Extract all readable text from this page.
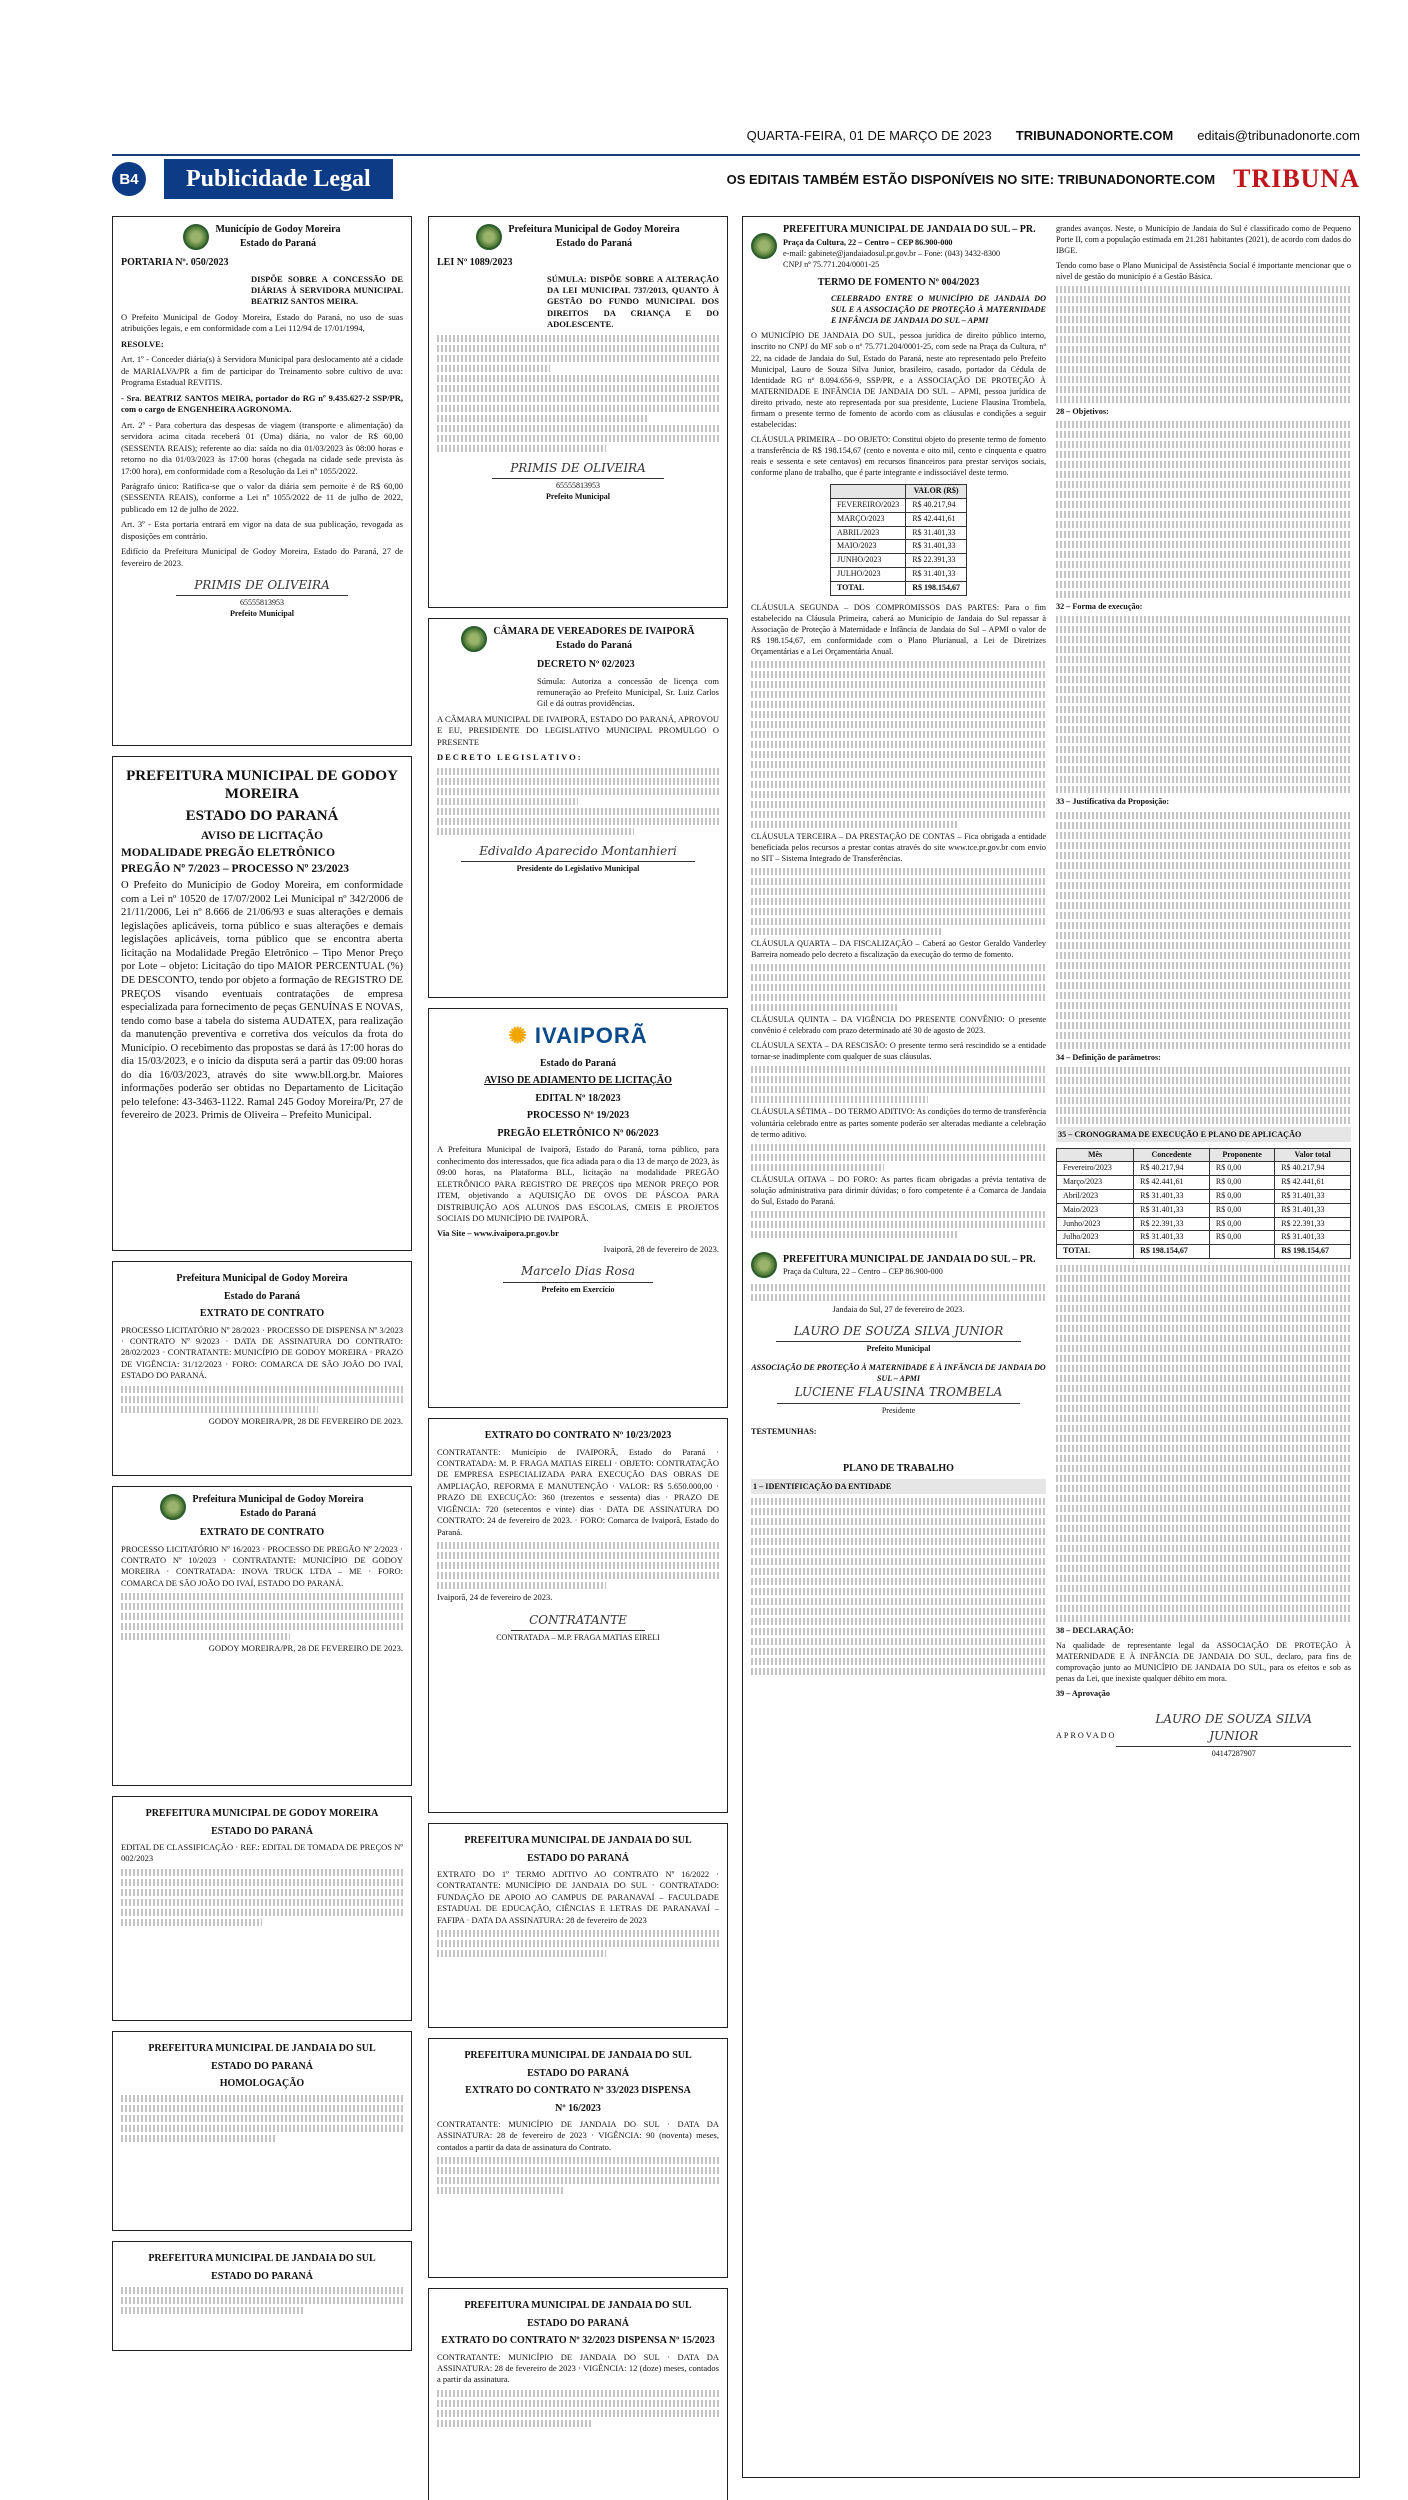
QUARTA-FEIRA, 01 DE MARÇO DE 2023 TRIBUNADONORTE.COM editais@tribunadonorte.com
B4	Publicidade Legal	OS EDITAIS TAMBÉM ESTÃO DISPONÍVEIS NO SITE: TRIBUNADONORTE.COM TRIBUNA
Município de Godoy Moreira
Estado do Paraná
PORTARIA Nº. 050/2023

DISPÕE SOBRE A CONCESSÃO DE DIÁRIAS À SERVIDORA MUNICIPAL BEATRIZ SANTOS MEIRA.

O Prefeito Municipal de Godoy Moreira, Estado do Paraná, no uso de suas atribuições legais, e em conformidade com a Lei 112/94 de 17/01/1994,

RESOLVE:

Art. 1º - Conceder diária(s) à Servidora Municipal para deslocamento até a cidade de MARIALVA/PR a fim de participar do Treinamento sobre cultivo de uva: Programa Estadual REVITIS.

- Sra. BEATRIZ SANTOS MEIRA, portador do RG nº 9.435.627-2 SSP/PR, com o cargo de ENGENHEIRA AGRONOMA.

Art. 2º - Para cobertura das despesas de viagem (transporte e alimentação) da servidora acima citada receberá 01 (Uma) diária, no valor de R$ 60,00 (SESSENTA REAIS); referente ao dia: saída no dia 01/03/2023 às 08:00 horas e retorno no dia 01/03/2023 às 17:00 horas (chegada na cidade sede prevista às 17:00 hora), em conformidade com a Resolução da Lei nº 1055/2022.

Parágrafo único: Ratifica-se que o valor da diária sem pernoite é de R$ 60,00 (SESSENTA REAIS), conforme a Lei nº 1055/2022 de 11 de julho de 2022, publicado em 12 de julho de 2022.

Art. 3º - Esta portaria entrará em vigor na data de sua publicação, revogada as disposições em contrário.

Edifício da Prefeitura Municipal de Godoy Moreira, Estado do Paraná, 27 de fevereiro de 2023.

PRIMIS DE OLIVEIRA
65555813953
Prefeito Municipal
PREFEITURA MUNICIPAL DE GODOY MOREIRA
ESTADO DO PARANÁ
AVISO DE LICITAÇÃO
MODALIDADE PREGÃO ELETRÔNICO
PREGÃO Nº 7/2023 – PROCESSO Nº 23/2023

O Prefeito do Município de Godoy Moreira, em conformidade com a Lei nº 10520 de 17/07/2002 Lei Municipal nº 342/2006 de 21/11/2006, Lei nº 8.666 de 21/06/93 e suas alterações e demais legislações aplicáveis, torna público e suas alterações e demais legislações aplicáveis, torna público que se encontra aberta licitação na Modalidade Pregão Eletrônico – Tipo Menor Preço por Lote – objeto: Licitação do tipo MAIOR PERCENTUAL (%) DE DESCONTO, tendo por objeto a formação de REGISTRO DE PREÇOS visando eventuais contratações de empresa especializada para fornecimento de peças GENUÍNAS E NOVAS, tendo como base a tabela do sistema AUDATEX, para realização da manutenção preventiva e corretiva dos veículos da frota do Município. O recebimento das propostas se dará às 17:00 horas do dia 15/03/2023, e o início da disputa será a partir das 09:00 horas do dia 16/03/2023, através do site www.bll.org.br. Maiores informações poderão ser obtidas no Departamento de Licitação pelo telefone: 43-3463-1122. Ramal 245 Godoy Moreira/Pr, 27 de fevereiro de 2023. Primis de Oliveira – Prefeito Municipal.

Prefeitura Municipal de Godoy Moreira
Estado do Paraná
EXTRATO DE CONTRATO

PROCESSO LICITATÓRIO Nº 28/2023 · PROCESSO DE DISPENSA Nº 3/2023 · CONTRATO Nº 9/2023 · DATA DE ASSINATURA DO CONTRATO: 28/02/2023 · CONTRATANTE: MUNICÍPIO DE GODOY MOREIRA · PRAZO DE VIGÊNCIA: 31/12/2023 · FORO: COMARCA DE SÃO JOÃO DO IVAÍ, ESTADO DO PARANÁ.

GODOY MOREIRA/PR, 28 DE FEVEREIRO DE 2023.

Prefeitura Municipal de Godoy Moreira
Estado do Paraná
EXTRATO DE CONTRATO

PROCESSO LICITATÓRIO Nº 16/2023 · PROCESSO DE PREGÃO Nº 2/2023 · CONTRATO Nº 10/2023 · CONTRATANTE: MUNICÍPIO DE GODOY MOREIRA · CONTRATADA: INOVA TRUCK LTDA – ME · FORO: COMARCA DE SÃO JOÃO DO IVAÍ, ESTADO DO PARANÁ.

GODOY MOREIRA/PR, 28 DE FEVEREIRO DE 2023.

PREFEITURA MUNICIPAL DE GODOY MOREIRA
ESTADO DO PARANÁ

EDITAL DE CLASSIFICAÇÃO · REF.: EDITAL DE TOMADA DE PREÇOS Nº 002/2023

PREFEITURA MUNICIPAL DE JANDAIA DO SUL
ESTADO DO PARANÁ
HOMOLOGAÇÃO
PREFEITURA MUNICIPAL DE JANDAIA DO SUL
ESTADO DO PARANÁ
Prefeitura Municipal de Godoy Moreira
Estado do Paraná
LEI Nº 1089/2023

SÚMULA: DISPÕE SOBRE A ALTERAÇÃO DA LEI MUNICIPAL 737/2013, QUANTO À GESTÃO DO FUNDO MUNICIPAL DOS DIREITOS DA CRIANÇA E DO ADOLESCENTE.

PRIMIS DE OLIVEIRA
65555813953
Prefeito Municipal
CÂMARA DE VEREADORES DE IVAIPORÃ
Estado do Paraná
DECRETO Nº 02/2023

Súmula: Autoriza a concessão de licença com remuneração ao Prefeito Municipal, Sr. Luiz Carlos Gil e dá outras providências.

A CÂMARA MUNICIPAL DE IVAIPORÃ, ESTADO DO PARANÁ, APROVOU E EU, PRESIDENTE DO LEGISLATIVO MUNICIPAL PROMULGO O PRESENTE

DECRETO LEGISLATIVO:

Edivaldo Aparecido Montanhieri
Presidente do Legislativo Municipal
✺ IVAIPORÃ
Estado do Paraná
AVISO DE ADIAMENTO DE LICITAÇÃO
EDITAL Nº 18/2023
PROCESSO Nº 19/2023
PREGÃO ELETRÔNICO Nº 06/2023

A Prefeitura Municipal de Ivaiporã, Estado do Paraná, torna público, para conhecimento dos interessados, que fica adiada para o dia 13 de março de 2023, às 09:00 horas, na Plataforma BLL, licitação na modalidade PREGÃO ELETRÔNICO PARA REGISTRO DE PREÇOS tipo MENOR PREÇO POR ITEM, objetivando a AQUISIÇÃO DE OVOS DE PÁSCOA PARA DISTRIBUIÇÃO AOS ALUNOS DAS ESCOLAS, CMEIS E PROJETOS SOCIAIS DO MUNICÍPIO DE IVAIPORÃ.

Via Site – www.ivaipora.pr.gov.br

Ivaiporã, 28 de fevereiro de 2023.

Marcelo Dias Rosa
Prefeito em Exercício
EXTRATO DO CONTRATO Nº 10/23/2023

CONTRATANTE: Município de IVAIPORÃ, Estado do Paraná · CONTRATADA: M. P. FRAGA MATIAS EIRELI · OBJETO: CONTRATAÇÃO DE EMPRESA ESPECIALIZADA PARA EXECUÇÃO DAS OBRAS DE AMPLIAÇÃO, REFORMA E MANUTENÇÃO · VALOR: R$ 5.650.000,00 · PRAZO DE EXECUÇÃO: 360 (trezentos e sessenta) dias · PRAZO DE VIGÊNCIA: 720 (setecentos e vinte) dias · DATA DE ASSINATURA DO CONTRATO: 24 de fevereiro de 2023. · FORO: Comarca de Ivaiporã, Estado do Paraná.

Ivaiporã, 24 de fevereiro de 2023.

CONTRATANTE
CONTRATADA – M.P. FRAGA MATIAS EIRELI
PREFEITURA MUNICIPAL DE JANDAIA DO SUL
ESTADO DO PARANÁ

EXTRATO DO 1º TERMO ADITIVO AO CONTRATO Nº 16/2022 · CONTRATANTE: MUNICÍPIO DE JANDAIA DO SUL · CONTRATADO: FUNDAÇÃO DE APOIO AO CAMPUS DE PARANAVAÍ – FACULDADE ESTADUAL DE EDUCAÇÃO, CIÊNCIAS E LETRAS DE PARANAVAÍ – FAFIPA · DATA DA ASSINATURA: 28 de fevereiro de 2023

PREFEITURA MUNICIPAL DE JANDAIA DO SUL
ESTADO DO PARANÁ
EXTRATO DO CONTRATO Nº 33/2023 DISPENSA
Nº 16/2023

CONTRATANTE: MUNICÍPIO DE JANDAIA DO SUL · DATA DA ASSINATURA: 28 de fevereiro de 2023 · VIGÊNCIA: 90 (noventa) meses, contados a partir da data de assinatura do Contrato.

PREFEITURA MUNICIPAL DE JANDAIA DO SUL
ESTADO DO PARANÁ
EXTRATO DO CONTRATO Nº 32/2023 DISPENSA Nº 15/2023

CONTRATANTE: MUNICÍPIO DE JANDAIA DO SUL · DATA DA ASSINATURA: 28 de fevereiro de 2023 · VIGÊNCIA: 12 (doze) meses, contados a partir da assinatura.

PREFEITURA MUNICIPAL DE JANDAIA DO SUL – PR.
Praça da Cultura, 22 – Centro – CEP 86.900-000
e-mail: gabinete@jandaiadosul.pr.gov.br – Fone: (043) 3432-8300
CNPJ nº 75.771.204/0001-25
TERMO DE FOMENTO Nº 004/2023

CELEBRADO ENTRE O MUNICÍPIO DE JANDAIA DO SUL E A ASSOCIAÇÃO DE PROTEÇÃO À MATERNIDADE E INFÂNCIA DE JANDAIA DO SUL – APMI

O MUNICÍPIO DE JANDAIA DO SUL, pessoa jurídica de direito público interno, inscrito no CNPJ do MF sob o nº 75.771.204/0001-25, com sede na Praça da Cultura, nº 22, na cidade de Jandaia do Sul, Estado do Paraná, neste ato representado pelo Prefeito Municipal, Lauro de Souza Silva Junior, brasileiro, casado, portador da Cédula de Identidade RG nº 8.094.656-9, SSP/PR, e a ASSOCIAÇÃO DE PROTEÇÃO À MATERNIDADE E INFÂNCIA DE JANDAIA DO SUL – APMI, pessoa jurídica de direito privado, neste ato representada por sua presidente, Luciene Flausina Trombela, firmam o presente termo de fomento de acordo com as cláusulas e condições a seguir estabelecidas:

CLÁUSULA PRIMEIRA – DO OBJETO: Constitui objeto do presente termo de fomento a transferência de R$ 198.154,67 (cento e noventa e oito mil, cento e cinquenta e quatro reais e sessenta e sete centavos) em recursos financeiros para prestar serviços sociais, conforme plano de trabalho, que é parte integrante e indissociável deste termo.

	VALOR (R$)
FEVEREIRO/2023	R$ 40.217,94
MARÇO/2023	R$ 42.441,61
ABRIL/2023	R$ 31.401,33
MAIO/2023	R$ 31.401,33
JUNHO/2023	R$ 22.391,33
JULHO/2023	R$ 31.401,33
TOTAL	R$ 198.154,67

CLÁUSULA SEGUNDA – DOS COMPROMISSOS DAS PARTES: Para o fim estabelecido na Cláusula Primeira, caberá ao Município de Jandaia do Sul repassar à Associação de Proteção à Maternidade e Infância de Jandaia do Sul – APMI o valor de R$ 198.154,67, em conformidade com o Plano Plurianual, a Lei de Diretrizes Orçamentárias e a Lei Orçamentária Anual.

CLÁUSULA TERCEIRA – DA PRESTAÇÃO DE CONTAS – Fica obrigada a entidade beneficiada pelos recursos a prestar contas através do site www.tce.pr.gov.br com envio no SIT – Sistema Integrado de Transferências.

CLÁUSULA QUARTA – DA FISCALIZAÇÃO – Caberá ao Gestor Geraldo Vanderley Barreira nomeado pelo decreto a fiscalização da execução do termo de fomento.

CLÁUSULA QUINTA – DA VIGÊNCIA DO PRESENTE CONVÊNIO: O presente convênio é celebrado com prazo determinado até 30 de agosto de 2023.

CLÁUSULA SEXTA – DA RESCISÃO: O presente termo será rescindido se a entidade tornar-se inadimplente com qualquer de suas cláusulas.

CLÁUSULA SÉTIMA – DO TERMO ADITIVO: As condições do termo de transferência voluntária celebrado entre as partes somente poderão ser alteradas mediante a celebração de termo aditivo.

CLÁUSULA OITAVA – DO FORO: As partes ficam obrigadas a prévia tentativa de solução administrativa para dirimir dúvidas; o foro competente é a Comarca de Jandaia do Sul, Estado do Paraná.

PREFEITURA MUNICIPAL DE JANDAIA DO SUL – PR.
Praça da Cultura, 22 – Centro – CEP 86.900-000

Jandaia do Sul, 27 de fevereiro de 2023.

LAURO DE SOUZA SILVA JUNIOR
Prefeito Municipal
ASSOCIAÇÃO DE PROTEÇÃO À MATERNIDADE E À INFÂNCIA DE JANDAIA DO SUL – APMI
LUCIENE FLAUSINA TROMBELA
Presidente

TESTEMUNHAS:

PLANO DE TRABALHO

1 – IDENTIFICAÇÃO DA ENTIDADE

grandes avanços. Neste, o Município de Jandaia do Sul é classificado como de Pequeno Porte II, com a população estimada em 21.281 habitantes (2021), de acordo com dados do IBGE.

Tendo como base o Plano Municipal de Assistência Social é importante mencionar que o nível de gestão do município é a Gestão Básica.

28 – Objetivos:

32 – Forma de execução:

33 – Justificativa da Proposição:

34 – Definição de parâmetros:

35 – CRONOGRAMA DE EXECUÇÃO E PLANO DE APLICAÇÃO

Mês	Concedente	Proponente	Valor total
Fevereiro/2023	R$ 40.217,94	R$ 0,00	R$ 40.217,94
Março/2023	R$ 42.441,61	R$ 0,00	R$ 42.441,61
Abril/2023	R$ 31.401,33	R$ 0,00	R$ 31.401,33
Maio/2023	R$ 31.401,33	R$ 0,00	R$ 31.401,33
Junho/2023	R$ 22.391,33	R$ 0,00	R$ 22.391,33
Julho/2023	R$ 31.401,33	R$ 0,00	R$ 31.401,33
TOTAL	R$ 198.154,67		R$ 198.154,67

38 – DECLARAÇÃO:

Na qualidade de representante legal da ASSOCIAÇÃO DE PROTEÇÃO À MATERNIDADE E À INFÂNCIA DE JANDAIA DO SUL, declaro, para fins de comprovação junto ao MUNICÍPIO DE JANDAIA DO SUL, para os efeitos e sob as penas da Lei, que inexiste qualquer débito em mora.

39 – Aprovação

APROVADO
LAURO DE SOUZA SILVA JUNIOR
04147287907
